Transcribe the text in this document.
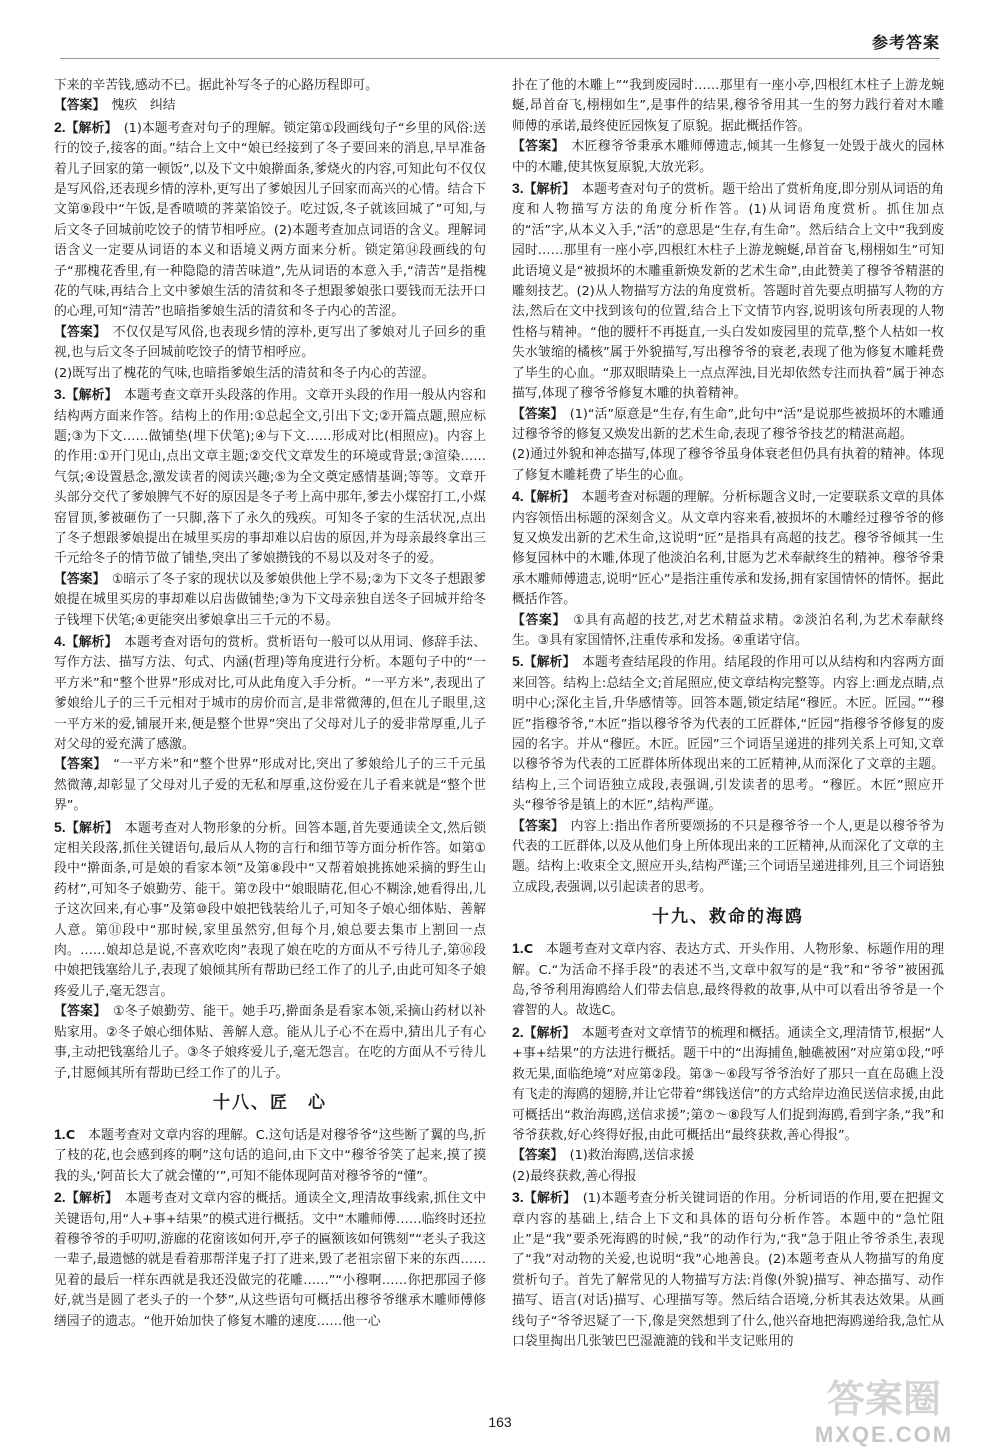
参考答案

下来的辛苦钱,感动不已。据此补写冬子的心路历程即可。

【答案】　 愧疚　纠结

2.【解析】　 (1)本题考查对句子的理解。锁定第①段画线句子“乡里的风俗:送行的饺子,接客的面。”结合上文中“娘已经接到了冬子要回来的消息,早早准备着儿子回家的第一顿饭”,以及下文中娘擀面条,爹烧火的内容,可知此句不仅仅是写风俗,还表现乡情的淳朴,更写出了爹娘因儿子回家而高兴的心情。结合下文第⑨段中“午饭,是香喷喷的荠菜馅饺子。吃过饭,冬子就该回城了”可知,与后文冬子回城前吃饺子的情节相呼应。(2)本题考查加点词语的含义。理解词语含义一定要从词语的本义和语境义两方面来分析。锁定第⑭段画线的句子“那槐花香里,有一种隐隐的清苦味道”,先从词语的本意入手,“清苦”是指槐花的气味,再结合上文中爹娘生活的清贫和冬子想跟爹娘张口要钱而无法开口的心理,可知“清苦”也暗指爹娘生活的清贫和冬子内心的苦涩。

【答案】　 不仅仅是写风俗,也表现乡情的淳朴,更写出了爹娘对儿子回乡的重视,也与后文冬子回城前吃饺子的情节相呼应。

(2)既写出了槐花的气味,也暗指爹娘生活的清贫和冬子内心的苦涩。

3.【解析】　 本题考查文章开头段落的作用。文章开头段的作用一般从内容和结构两方面来作答。结构上的作用:①总起全文,引出下文;②开篇点题,照应标题;③为下文……做铺垫(埋下伏笔);④与下文……形成对比(相照应)。内容上的作用:①开门见山,点出文章主题;②交代文章发生的环境或背景;③渲染……气氛;④设置悬念,激发读者的阅读兴趣;⑤为全文奠定感情基调;等等。文章开头部分交代了爹娘脾气不好的原因是冬子考上高中那年,爹去小煤窑打工,小煤窑冒顶,爹被砸伤了一只脚,落下了永久的残疾。可知冬子家的生活状况,点出了冬子想跟爹娘提出在城里买房的事却难以启齿的原因,并为母亲最终拿出三千元给冬子的情节做了铺垫,突出了爹娘攒钱的不易以及对冬子的爱。

【答案】　 ①暗示了冬子家的现状以及爹娘供他上学不易;②为下文冬子想跟爹娘提在城里买房的事却难以启齿做铺垫;③为下文母亲独自送冬子回城并给冬子钱埋下伏笔;④更能突出爹娘拿出三千元的不易。

4.【解析】　 本题考查对语句的赏析。赏析语句一般可以从用词、修辞手法、写作方法、描写方法、句式、内涵(哲理)等角度进行分析。本题句子中的“一平方米”和“整个世界”形成对比,可从此角度入手分析。“一平方米”,表现出了爹娘给儿子的三千元相对于城市的房价而言,是非常微薄的,但在儿子眼里,这一平方米的爱,铺展开来,便是整个世界”突出了父母对儿子的爱非常厚重,儿子对父母的爱充满了感激。

【答案】　 “一平方米”和“整个世界”形成对比,突出了爹娘给儿子的三千元虽然微薄,却彰显了父母对儿子爱的无私和厚重,这份爱在儿子看来就是“整个世界”。

5.【解析】　 本题考查对人物形象的分析。回答本题,首先要通读全文,然后锁定相关段落,抓住关键语句,最后从人物的言行和细节等方面分析作答。如第①段中“擀面条,可是娘的看家本领”及第⑧段中“又帮着娘挑拣她采摘的野生山药材”,可知冬子娘勤劳、能干。第⑦段中“娘眼睛花,但心不糊涂,她看得出,儿子这次回来,有心事”及第⑩段中娘把钱装给儿子,可知冬子娘心细体贴、善解人意。第⑪段中“那时候,家里虽然穷,但每个月,娘总要去集市上割回一点肉。……娘却总是说,不喜欢吃肉”表现了娘在吃的方面从不亏待儿子,第⑯段中娘把钱塞给儿子,表现了娘倾其所有帮助已经工作了的儿子,由此可知冬子娘疼爱儿子,毫无怨言。

【答案】　 ①冬子娘勤劳、能干。她手巧,擀面条是看家本领,采摘山药材以补贴家用。②冬子娘心细体贴、善解人意。能从儿子心不在焉中,猜出儿子有心事,主动把钱塞给儿子。③冬子娘疼爱儿子,毫无怨言。在吃的方面从不亏待儿子,甘愿倾其所有帮助已经工作了的儿子。

十八、匠　心

1.C　 本题考查对文章内容的理解。C.这句话是对穆爷爷“这些断了翼的鸟,折了枝的花,也会感到疼的啊”这句话的追问,由下文中“穆爷爷笑了起来,摸了摸我的头,‘阿苗长大了就会懂的’”,可知不能体现阿苗对穆爷爷的“懂”。

2.【解析】　 本题考查对文章内容的概括。通读全文,理清故事线索,抓住文中关键语句,用“人+事+结果”的模式进行概括。文中“木雕师傅……临终时还拉着穆爷爷的手叨叨,游廊的花窗该如何开,亭子的匾额该如何镌刻”“老头子我这一辈子,最遗憾的就是看着那帮洋鬼子打了进来,毁了老祖宗留下来的东西……见着的最后一样东西就是我还没做完的花雕……”“小穆啊……你把那园子修好,就当是圆了老头子的一个梦”,从这些语句可概括出穆爷爷继承木雕师傅修缮园子的遗志。“他开始加快了修复木雕的速度……他一心

扑在了他的木雕上”“我到废园时……那里有一座小亭,四根红木柱子上游龙蜿蜒,昂首奋飞,栩栩如生”,是事件的结果,穆爷爷用其一生的努力践行着对木雕师傅的承诺,最终使匠园恢复了原貌。据此概括作答。

【答案】　 木匠穆爷爷秉承木雕师傅遗志,倾其一生修复一处毁于战火的园林中的木雕,使其恢复原貌,大放光彩。

3.【解析】　 本题考查对句子的赏析。题干给出了赏析角度,即分别从词语的角度和人物描写方法的角度分析作答。(1)从词语角度赏析。抓住加点的“活”字,从本义入手,“活”的意思是“生存,有生命”。然后结合上文中“我到废园时……那里有一座小亭,四根红木柱子上游龙蜿蜒,昂首奋飞,栩栩如生”可知此语境义是“被损坏的木雕重新焕发新的艺术生命”,由此赞美了穆爷爷精湛的雕刻技艺。(2)从人物描写方法的角度赏析。答题时首先要点明描写人物的方法,然后在文中找到该句的位置,结合上下文情节内容,说明该句所表现的人物性格与精神。“他的腰杆不再挺直,一头白发如废园里的荒草,整个人枯如一枚失水皱缩的橘核”属于外貌描写,写出穆爷爷的衰老,表现了他为修复木雕耗费了毕生的心血。“那双眼睛染上一点点浑浊,目光却依然专注而执着”属于神态描写,体现了穆爷爷修复木雕的执着精神。

【答案】　 (1)“活”原意是“生存,有生命”,此句中“活”是说那些被损坏的木雕通过穆爷爷的修复又焕发出新的艺术生命,表现了穆爷爷技艺的精湛高超。

(2)通过外貌和神态描写,体现了穆爷爷虽身体衰老但仍具有执着的精神。体现了修复木雕耗费了毕生的心血。

4.【解析】　 本题考查对标题的理解。分析标题含义时,一定要联系文章的具体内容领悟出标题的深刻含义。从文章内容来看,被损坏的木雕经过穆爷爷的修复又焕发出新的艺术生命,这说明“匠”是指具有高超的技艺。穆爷爷倾其一生修复园林中的木雕,体现了他淡泊名利,甘愿为艺术奉献终生的精神。穆爷爷秉承木雕师傅遗志,说明“匠心”是指注重传承和发扬,拥有家国情怀的情怀。据此概括作答。

【答案】　 ①具有高超的技艺,对艺术精益求精。②淡泊名利,为艺术奉献终生。③具有家国情怀,注重传承和发扬。④重诺守信。

5.【解析】　 本题考查结尾段的作用。结尾段的作用可以从结构和内容两方面来回答。结构上:总结全文;首尾照应,使文章结构完整等。内容上:画龙点睛,点明中心;深化主旨,升华感情等。回答本题,锁定结尾“穆匠。木匠。匠园。”“穆匠”指穆爷爷,“木匠”指以穆爷爷为代表的工匠群体,“匠园”指穆爷爷修复的废园的名字。并从“穆匠。木匠。匠园”三个词语呈递进的排列关系上可知,文章以穆爷爷为代表的工匠群体所体现出来的工匠精神,从而深化了文章的主题。结构上,三个词语独立成段,表强调,引发读者的思考。“穆匠。木匠”照应开头“穆爷爷是镇上的木匠”,结构严谨。

【答案】　 内容上:指出作者所要颂扬的不只是穆爷爷一个人,更是以穆爷爷为代表的工匠群体,以及从他们身上所体现出来的工匠精神,从而深化了文章的主题。结构上:收束全文,照应开头,结构严谨;三个词语呈递进排列,且三个词语独立成段,表强调,以引起读者的思考。

十九、救命的海鸥

1.C　 本题考查对文章内容、表达方式、开头作用、人物形象、标题作用的理解。C.“为活命不择手段”的表述不当,文章中叙写的是“我”和“爷爷”被困孤岛,爷爷利用海鸥给人们带去信息,最终得救的故事,从中可以看出爷爷是一个睿智的人。故选C。

2.【解析】　 本题考查对文章情节的梳理和概括。通读全文,理清情节,根据“人+事+结果”的方法进行概括。题干中的“出海捕鱼,触礁被困”对应第①段,“呼救无果,面临绝境”对应第②段。第③～⑥段写爷爷治好了那只一直在岛礁上没有飞走的海鸥的翅膀,并让它带着“绑钱送信”的方式给岸边渔民送信求援,由此可概括出“救治海鸥,送信求援”;第⑦～⑧段写人们捉到海鸥,看到字条,“我”和爷爷获救,好心终得好报,由此可概括出“最终获救,善心得报”。

【答案】　 (1)救治海鸥,送信求援

(2)最终获救,善心得报

3.【解析】　 (1)本题考查分析关键词语的作用。分析词语的作用,要在把握文章内容的基础上,结合上下文和具体的语句分析作答。本题中的“急忙阻止”是“我”要杀死海鸥的时候,“我”的动作行为,“我”急于阻止爷爷杀生,表现了“我”对动物的关爱,也说明“我”心地善良。(2)本题考查从人物描写的角度赏析句子。首先了解常见的人物描写方法:肖像(外貌)描写、神态描写、动作描写、语言(对话)描写、心理描写等。然后结合语境,分析其表达效果。从画线句子“爷爷迟疑了一下,像是突然想到了什么,他兴奋地把海鸥递给我,急忙从口袋里掏出几张皱巴巴湿漉漉的钱和半支记账用的

163
答案圈
MXQE.COM
